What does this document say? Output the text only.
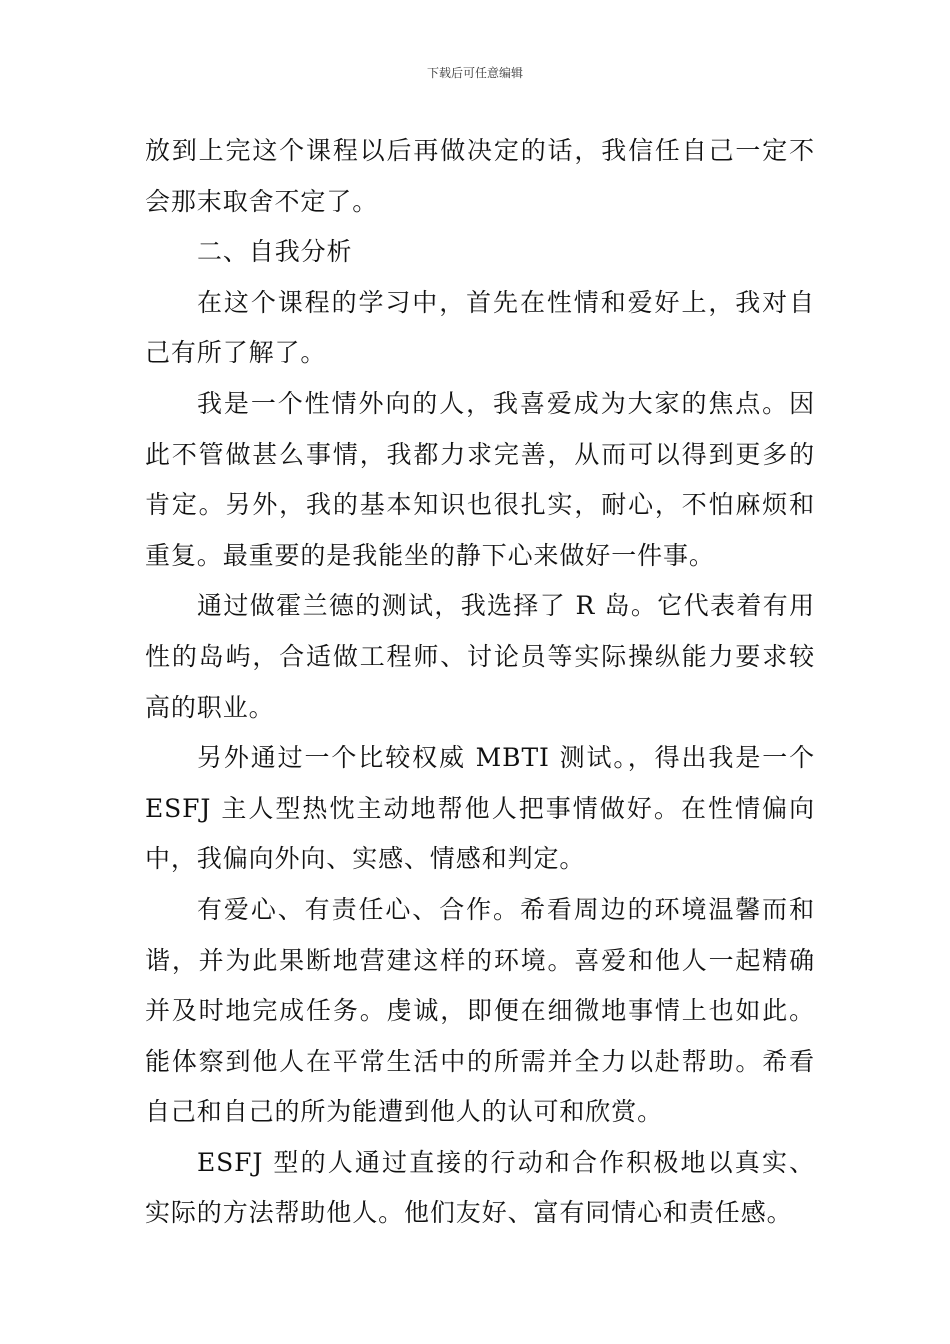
下载后可任意编辑

放到上完这个课程以后再做决定的话，我信任自己一定不会那末取舍不定了。

二、自我分析

在这个课程的学习中，首先在性情和爱好上，我对自己有所了解了。

我是一个性情外向的人，我喜爱成为大家的焦点。因此不管做甚么事情，我都力求完善，从而可以得到更多的肯定。另外，我的基本知识也很扎实，耐心，不怕麻烦和重复。最重要的是我能坐的静下心来做好一件事。

通过做霍兰德的测试，我选择了 R 岛。它代表着有用性的岛屿，合适做工程师、讨论员等实际操纵能力要求较高的职业。

另外通过一个比较权威 MBTI 测试。，得出我是一个 ESFJ 主人型热忱主动地帮他人把事情做好。在性情偏向中，我偏向外向、实感、情感和判定。

有爱心、有责任心、合作。希看周边的环境温馨而和谐，并为此果断地营建这样的环境。喜爱和他人一起精确并及时地完成任务。虔诚，即便在细微地事情上也如此。能体察到他人在平常生活中的所需并全力以赴帮助。希看自己和自己的所为能遭到他人的认可和欣赏。

ESFJ 型的人通过直接的行动和合作积极地以真实、实际的方法帮助他人。他们友好、富有同情心和责任感。
